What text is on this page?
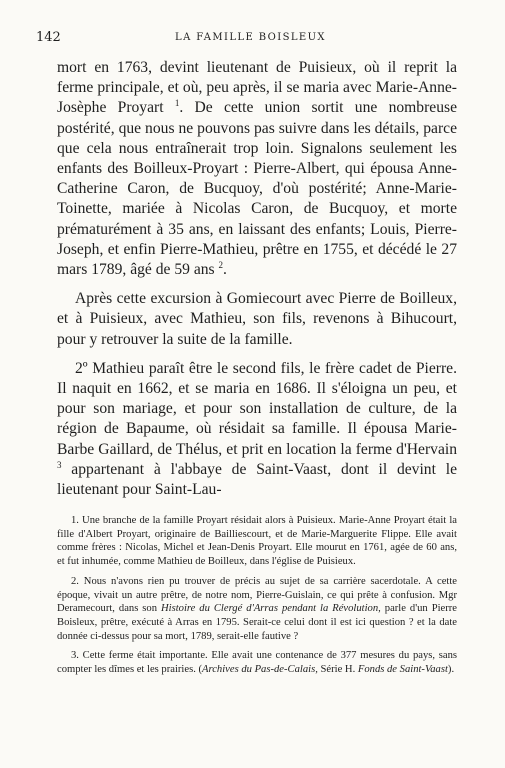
142	LA FAMILLE BOISLEUX

mort en 1763, devint lieutenant de Puisieux, où il reprit la ferme principale, et où, peu après, il se maria avec Marie-Anne-Josèphe Proyart $^1$. De cette union sortit une nombreuse postérité, que nous ne pouvons pas suivre dans les détails, parce que cela nous entraînerait trop loin. Signalons seulement les enfants des Boilleux-Proyart : Pierre-Albert, qui épousa Anne-Catherine Caron, de Bucquoy, d'où postérité; Anne-Marie-Toinette, mariée à Nicolas Caron, de Bucquoy, et morte prématurément à 35 ans, en laissant des enfants; Louis, Pierre-Joseph, et enfin Pierre-Mathieu, prêtre en 1755, et décédé le 27 mars 1789, âgé de 59 ans $^2$.

Après cette excursion à Gomiecourt avec Pierre de Boilleux, et à Puisieux, avec Mathieu, son fils, revenons à Bihucourt, pour y retrouver la suite de la famille.

2º Mathieu paraît être le second fils, le frère cadet de Pierre. Il naquit en 1662, et se maria en 1686. Il s'éloigna un peu, et pour son mariage, et pour son installation de culture, de la région de Bapaume, où résidait sa famille. Il épousa Marie-Barbe Gaillard, de Thélus, et prit en location la ferme d'Hervain $^3$ appartenant à l'abbaye de Saint-Vaast, dont il devint le lieutenant pour Saint-Lau-

1. Une branche de la famille Proyart résidait alors à Puisieux. Marie-Anne Proyart était la fille d'Albert Proyart, originaire de Bailliescourt, et de Marie-Marguerite Flippe. Elle avait comme frères : Nicolas, Michel et Jean-Denis Proyart. Elle mourut en 1761, agée de 60 ans, et fut inhumée, comme Mathieu de Boilleux, dans l'église de Puisieux.

2. Nous n'avons rien pu trouver de précis au sujet de sa carrière sacerdotale. A cette époque, vivait un autre prêtre, de notre nom, Pierre-Guislain, ce qui prête à confusion. Mgr Deramecourt, dans son Histoire du Clergé d'Arras pendant la Révolution, parle d'un Pierre Boisleux, prêtre, exécuté à Arras en 1795. Serait-ce celui dont il est ici question ? et la date donnée ci-dessus pour sa mort, 1789, serait-elle fautive ?

3. Cette ferme était importante. Elle avait une contenance de 377 mesures du pays, sans compter les dîmes et les prairies. (Archives du Pas-de-Calais, Série H. Fonds de Saint-Vaast).
